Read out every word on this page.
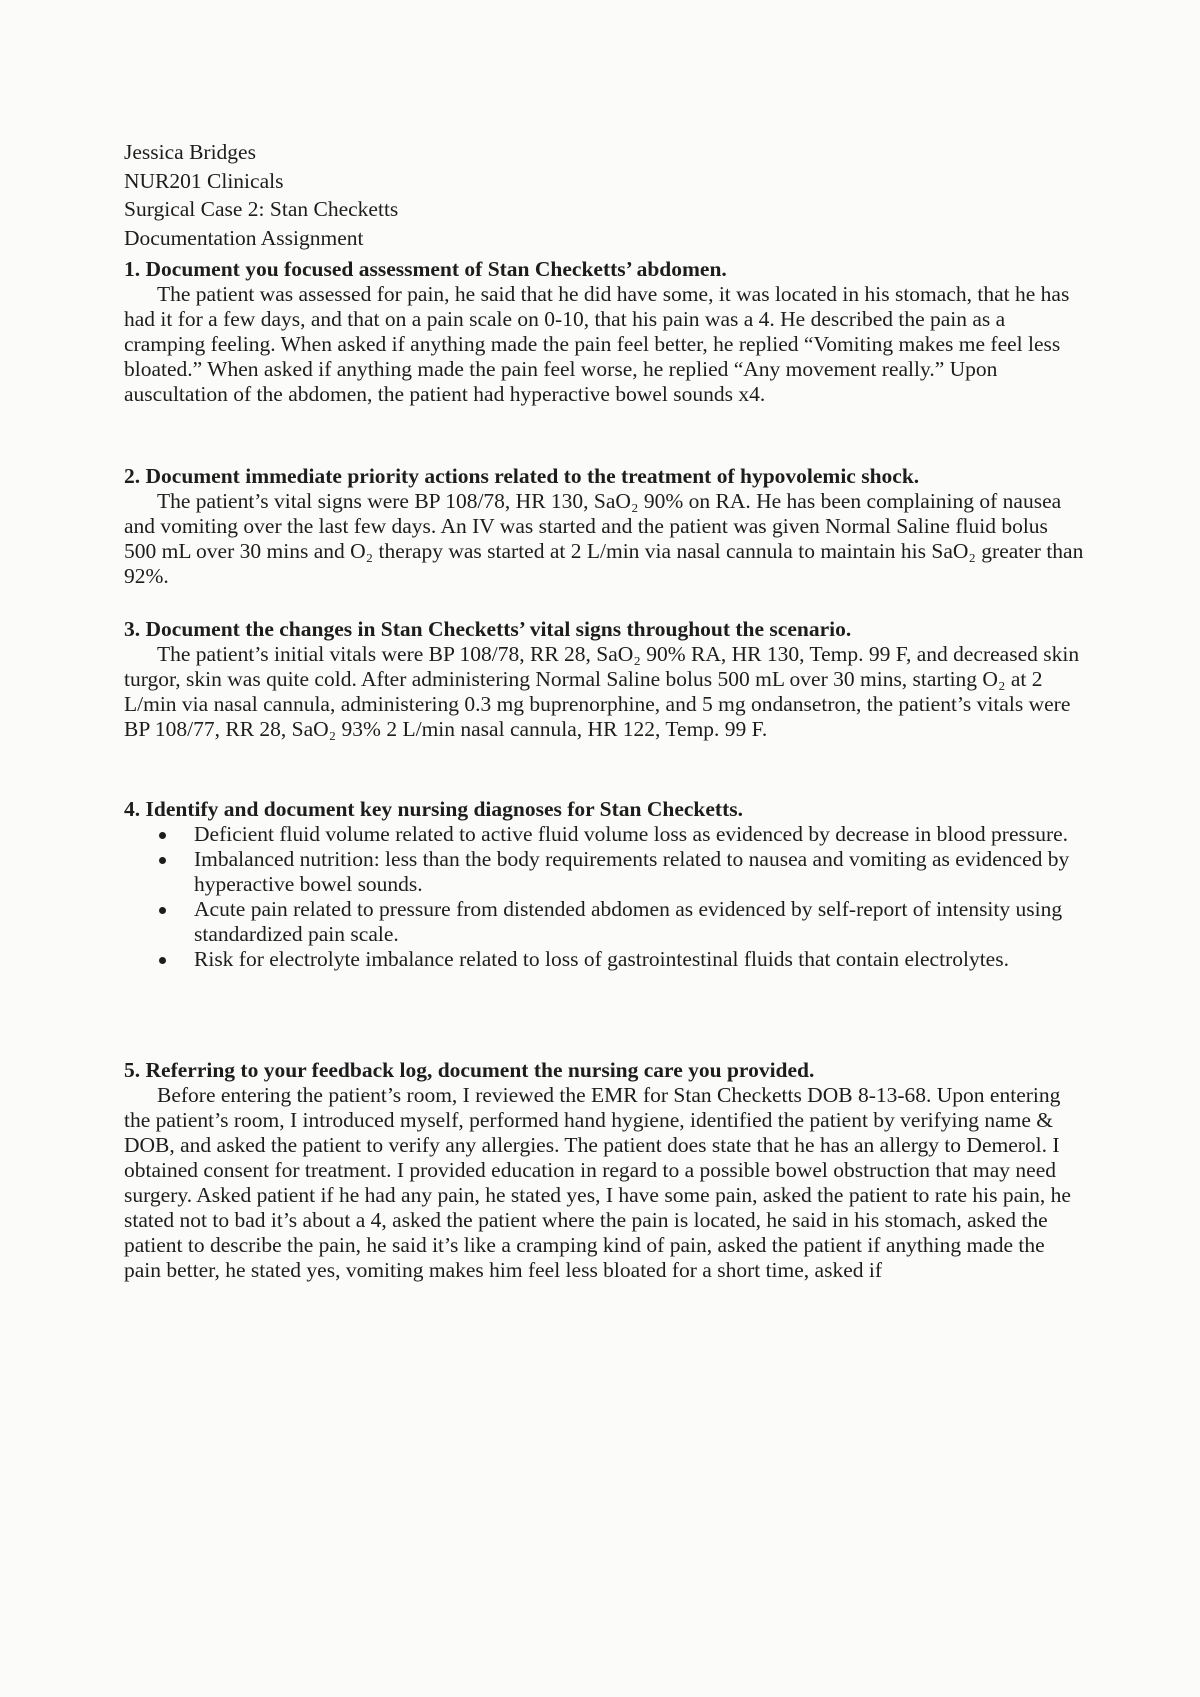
Jessica Bridges
NUR201 Clinicals
Surgical Case 2: Stan Checketts
Documentation Assignment
1. Document you focused assessment of Stan Checketts’ abdomen.

The patient was assessed for pain, he said that he did have some, it was located in his stomach, that he has had it for a few days, and that on a pain scale on 0-10, that his pain was a 4. He described the pain as a cramping feeling. When asked if anything made the pain feel better, he replied “Vomiting makes me feel less bloated.” When asked if anything made the pain feel worse, he replied “Any movement really.” Upon auscultation of the abdomen, the patient had hyperactive bowel sounds x4.

2. Document immediate priority actions related to the treatment of hypovolemic shock.

The patient’s vital signs were BP 108/78, HR 130, SaO₂ 90% on RA. He has been complaining of nausea and vomiting over the last few days. An IV was started and the patient was given Normal Saline fluid bolus 500 mL over 30 mins and O₂ therapy was started at 2 L/min via nasal cannula to maintain his SaO₂ greater than 92%.

3. Document the changes in Stan Checketts’ vital signs throughout the scenario.

The patient’s initial vitals were BP 108/78, RR 28, SaO₂ 90% RA, HR 130, Temp. 99 F, and decreased skin turgor, skin was quite cold. After administering Normal Saline bolus 500 mL over 30 mins, starting O₂ at 2 L/min via nasal cannula, administering 0.3 mg buprenorphine, and 5 mg ondansetron, the patient’s vitals were BP 108/77, RR 28, SaO₂ 93% 2 L/min nasal cannula, HR 122, Temp. 99 F.

4. Identify and document key nursing diagnoses for Stan Checketts.
Deficient fluid volume related to active fluid volume loss as evidenced by decrease in blood pressure.
Imbalanced nutrition: less than the body requirements related to nausea and vomiting as evidenced by hyperactive bowel sounds.
Acute pain related to pressure from distended abdomen as evidenced by self-report of intensity using standardized pain scale.
Risk for electrolyte imbalance related to loss of gastrointestinal fluids that contain electrolytes.
5. Referring to your feedback log, document the nursing care you provided.

Before entering the patient’s room, I reviewed the EMR for Stan Checketts DOB 8-13-68. Upon entering the patient’s room, I introduced myself, performed hand hygiene, identified the patient by verifying name & DOB, and asked the patient to verify any allergies. The patient does state that he has an allergy to Demerol. I obtained consent for treatment. I provided education in regard to a possible bowel obstruction that may need surgery. Asked patient if he had any pain, he stated yes, I have some pain, asked the patient to rate his pain, he stated not to bad it’s about a 4, asked the patient where the pain is located, he said in his stomach, asked the patient to describe the pain, he said it’s like a cramping kind of pain, asked the patient if anything made the pain better, he stated yes, vomiting makes him feel less bloated for a short time, asked if
